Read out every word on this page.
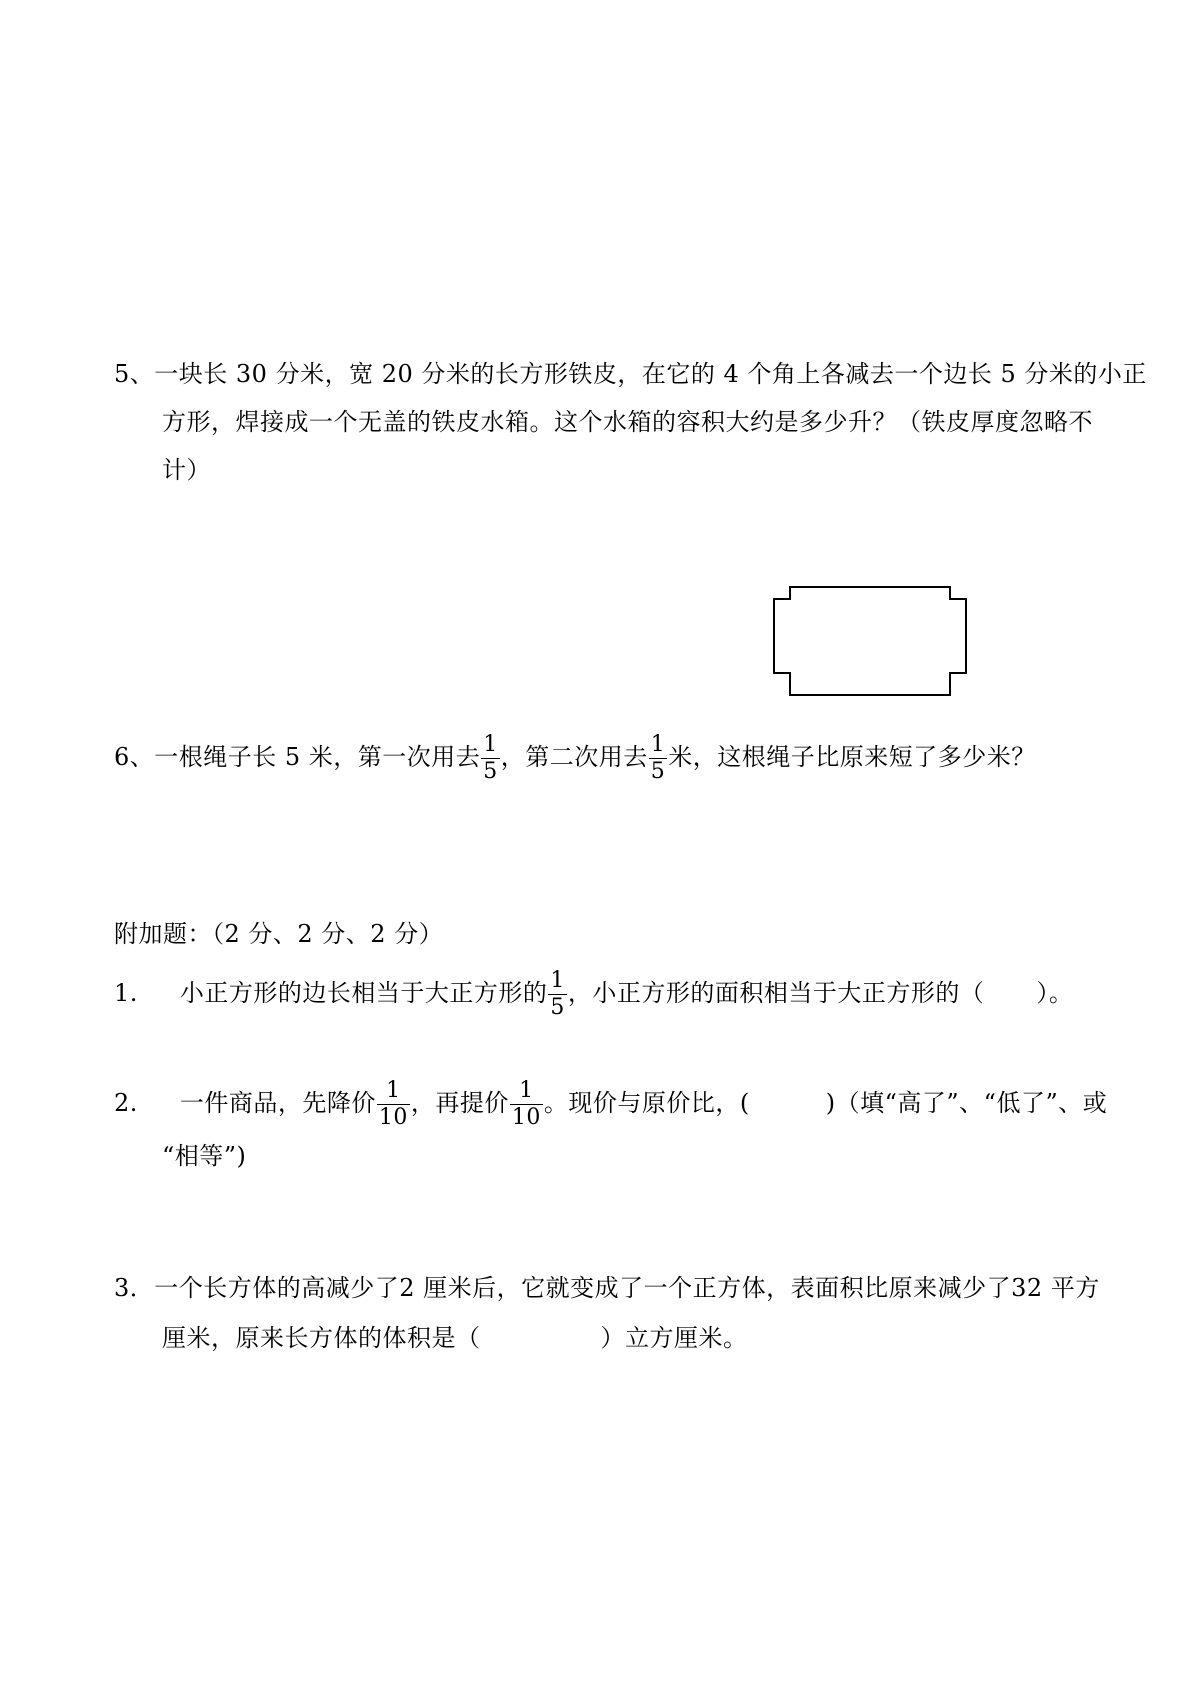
5、一块长 30 分米，宽 20 分米的长方形铁皮，在它的 4 个角上各减去一个边长 5 分米的小正
方形，焊接成一个无盖的铁皮水箱。这个水箱的容积大约是多少升？（铁皮厚度忽略不
计）
6、一根绳子长 5 米，第一次用去 $\frac{1}{5}$ ，第二次用去 $\frac{1}{5}$ 米，这根绳子比原来短了多少米？
附加题：（2 分、2 分、2 分）
1. 小正方形的边长相当于大正方形的 $\frac{1}{5}$ ，小正方形的面积相当于大正方形的（ ）。
2. 一件商品，先降价 $\frac{1}{10}$ ，再提价 $\frac{1}{10}$ 。现价与原价比，(	)（填“高了”、“低了”、或
“相等”)
3．一个长方体的高减少了2 厘米后，它就变成了一个正方体，表面积比原来减少了32 平方
厘米，原来长方体的体积是（	）立方厘米。
